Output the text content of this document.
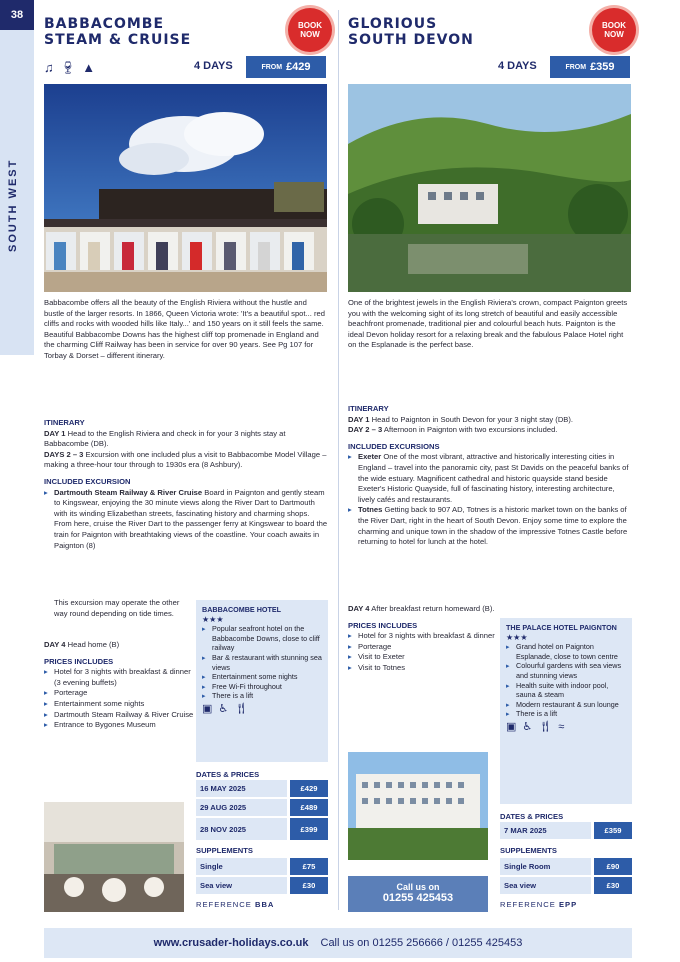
38
SOUTH WEST
BABBACOMBE
STEAM & CRUISE
BOOK
NOW
♫ 🍷︎ ▲	4 DAYS	FROM £429
Babbacombe offers all the beauty of the English Riviera without the hustle and bustle of the larger resorts. In 1866, Queen Victoria wrote: 'It's a beautiful spot... red cliffs and rocks with wooded hills like Italy...' and 150 years on it still feels the same. Beautiful Babbacombe Downs has the highest cliff top promenade in England and the charming Cliff Railway has been in service for over 90 years. See Pg 107 for Torbay & Dorset – different itinerary.
ITINERARY
DAY 1 Head to the English Riviera and check in for your 3 nights stay at Babbacombe (DB).
DAYS 2 – 3 Excursion with one included plus a visit to Babbacombe Model Village – making a three-hour tour through to 1930s era (8 Ashbury).
INCLUDED EXCURSION
▸ Dartmouth Steam Railway & River Cruise Board in Paignton and gently steam to Kingswear, enjoying the 30 minute views along the River Dart to Dartmouth with its winding Elizabethan streets, fascinating history and charming shops. From here, cruise the River Dart to the passenger ferry at Kingswear to board the train for Paignton with breathtaking views of the coastline. Your coach awaits in Paignton (8)
This excursion may operate the other way round depending on tide times.
DAY 4 Head home (B)
PRICES INCLUDES
▸ Hotel for 3 nights with breakfast & dinner (3 evening buffets)
▸ Porterage
▸ Entertainment some nights
▸ Dartmouth Steam Railway & River Cruise
▸ Entrance to Bygones Museum
BABBACOMBE HOTEL
★★★
▸ Popular seafront hotel on the Babbacombe Downs, close to cliff railway
▸ Bar & restaurant with stunning sea views
▸ Entertainment some nights
▸ Free Wi-Fi throughout
▸ There is a lift
▣ ♿︎ 🍴︎
DATES & PRICES
16 MAY 2025	£429
29 AUG 2025	£489
28 NOV 2025	£399
SUPPLEMENTS
Single	£75
Sea view	£30
REFERENCE BBA
GLORIOUS
SOUTH DEVON
BOOK
NOW
4 DAYS	FROM £359
One of the brightest jewels in the English Riviera's crown, compact Paignton greets you with the welcoming sight of its long stretch of beautiful and easily accessible beachfront promenade, traditional pier and colourful beach huts. Paignton is the ideal Devon holiday resort for a relaxing break and the fabulous Palace Hotel right on the Esplanade is the perfect base.
ITINERARY
DAY 1 Head to Paignton in South Devon for your 3 night stay (DB).
DAY 2 – 3 Afternoon in Paignton with two excursions included.
INCLUDED EXCURSIONS
▸ Exeter One of the most vibrant, attractive and historically interesting cities in England – travel into the panoramic city, past St Davids on the peaceful banks of the wide estuary. Magnificent cathedral and historic quayside stand beside Exeter's Historic Quayside, full of fascinating history, interesting architecture, lively cafés and restaurants.
▸ Totnes Getting back to 907 AD, Totnes is a historic market town on the banks of the River Dart, right in the heart of South Devon. Enjoy some time to explore the charming and unique town in the shadow of the impressive Totnes Castle before returning to hotel for lunch at the hotel.
DAY 4 After breakfast return homeward (B).
PRICES INCLUDES
▸ Hotel for 3 nights with breakfast & dinner
▸ Porterage
▸ Visit to Exeter
▸ Visit to Totnes
THE PALACE HOTEL PAIGNTON
★★★
▸ Grand hotel on Paignton Esplanade, close to town centre
▸ Colourful gardens with sea views and stunning views
▸ Health suite with indoor pool, sauna & steam
▸ Modern restaurant & sun lounge
▸ There is a lift
▣ ♿︎ 🍴︎ ≈
Call us on
01255 425453
DATES & PRICES
7 MAR 2025	£359
SUPPLEMENTS
Single Room	£90
Sea view	£30
REFERENCE EPP
www.crusader-holidays.co.uk Call us on 01255 256666 / 01255 425453
